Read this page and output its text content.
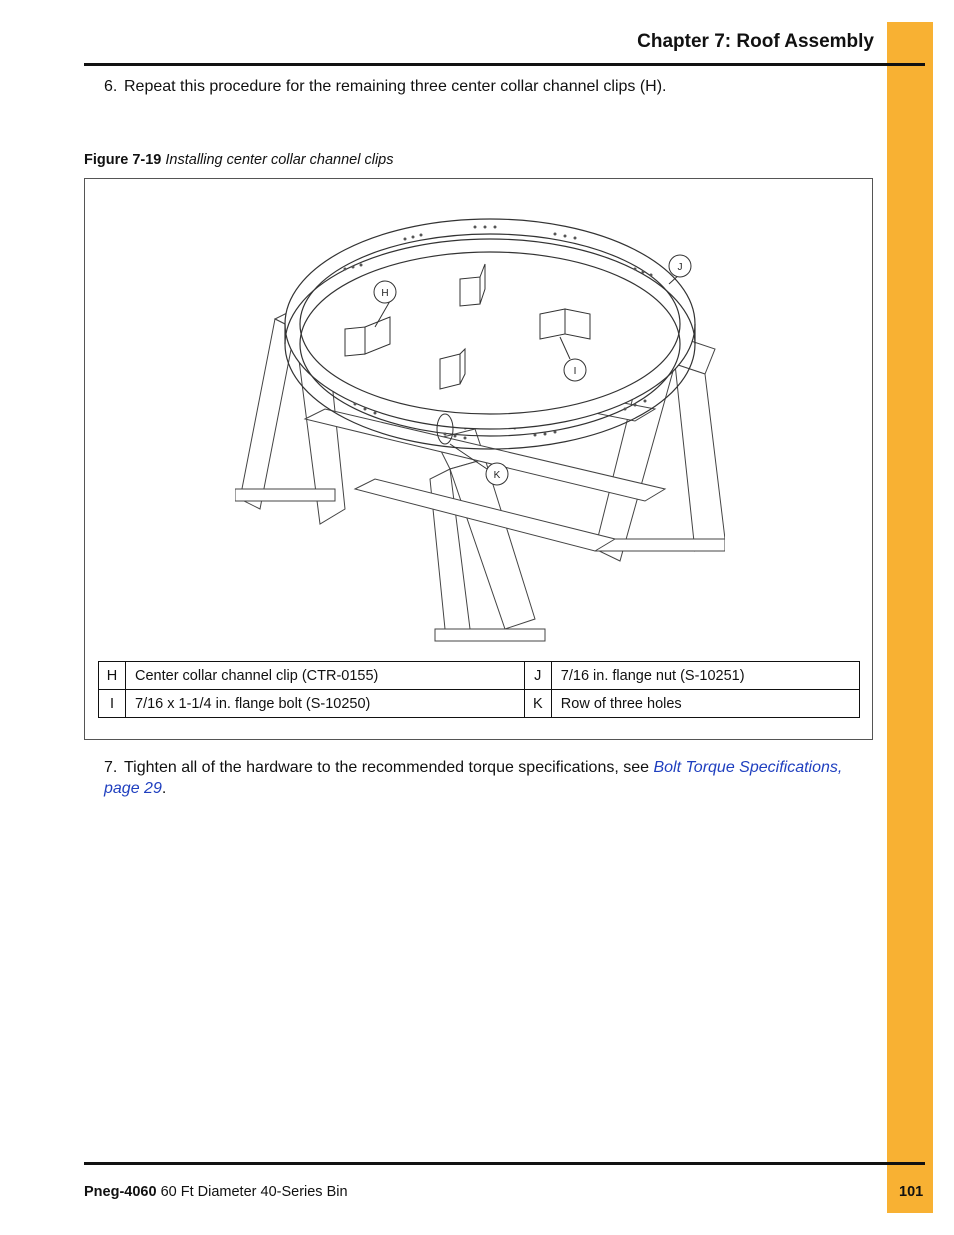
Chapter 7: Roof Assembly
6. Repeat this procedure for the remaining three center collar channel clips (H).
Figure 7-19 Installing center collar channel clips
H
I
J
K
H	Center collar channel clip (CTR-0155)	J	7/16 in. flange nut (S-10251)
I	7/16 x 1-1/4 in. flange bolt (S-10250)	K	Row of three holes
7. Tighten all of the hardware to the recommended torque specifications, see Bolt Torque Specifications, page 29.
Pneg-4060 60 Ft Diameter 40-Series Bin	101
